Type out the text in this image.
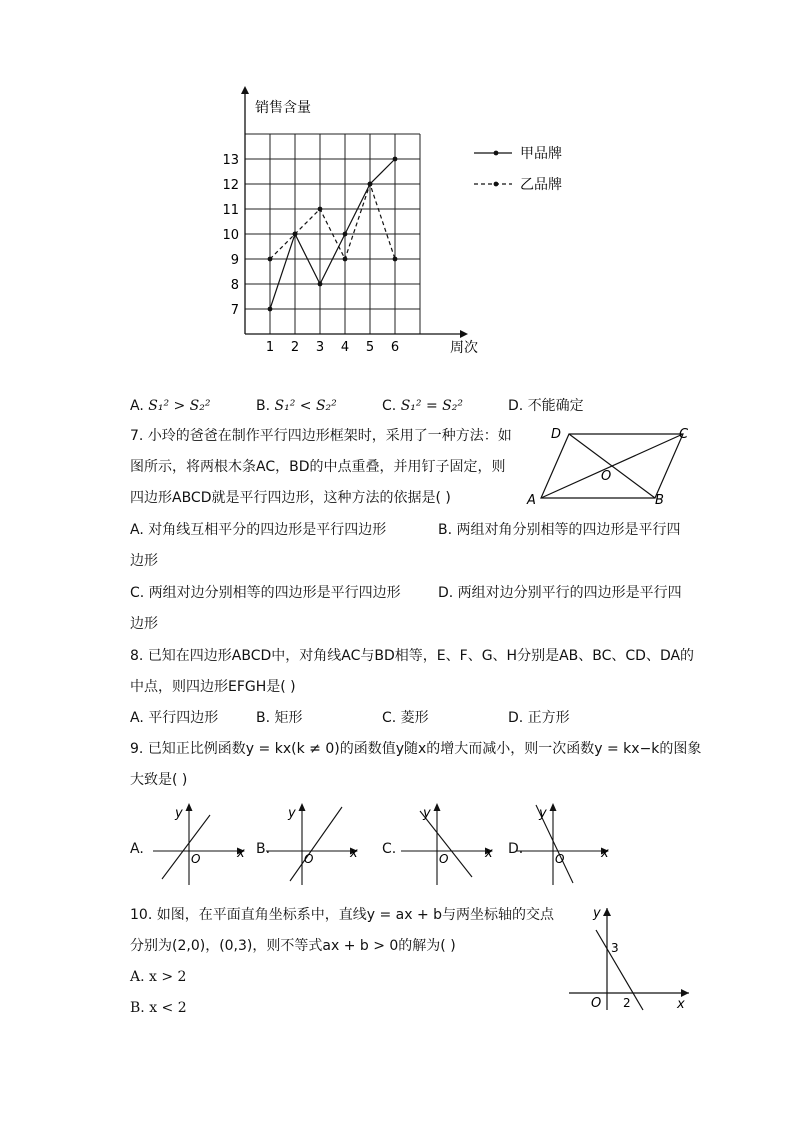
1 2 3 4 5 6
7
8
9
10
11
12
13
销售含量
周次
甲品牌
乙品牌
A. S₁² > S₂²	B. S₁² < S₂²	C. S₁² = S₂²	D. 不能确定
7. 小玲的爸爸在制作平行四边形框架时，采用了一种方法：如
图所示，将两根木条AC，BD的中点重叠，并用钉子固定，则
四边形ABCD就是平行四边形，这种方法的依据是( )	A	B
C
D
O
A. 对角线互相平分的四边形是平行四边形	B. 两组对角分别相等的四边形是平行四
边形
C. 两组对边分别相等的四边形是平行四边形	D. 两组对边分别平行的四边形是平行四
边形
8. 已知在四边形ABCD中，对角线AC与BD相等，E、F、G、H分别是AB、BC、CD、DA的
中点，则四边形EFGH是( )
A. 平行四边形	B. 矩形	C. 菱形	D. 正方形
9. 已知正比例函数y = kx(k ≠ 0)的函数值y随x的增大而减小，则一次函数y = kx−k的图象
大致是( )
A.	B.	C.	D.
x
y
O	x
y
O	x
y
O	x
y
O
10. 如图，在平面直角坐标系中，直线y = ax + b与两坐标轴的交点
分别为(2,0)，(0,3)，则不等式ax + b > 0的解为( )
A. x > 2
B. x < 2
y
x
O
3
2
